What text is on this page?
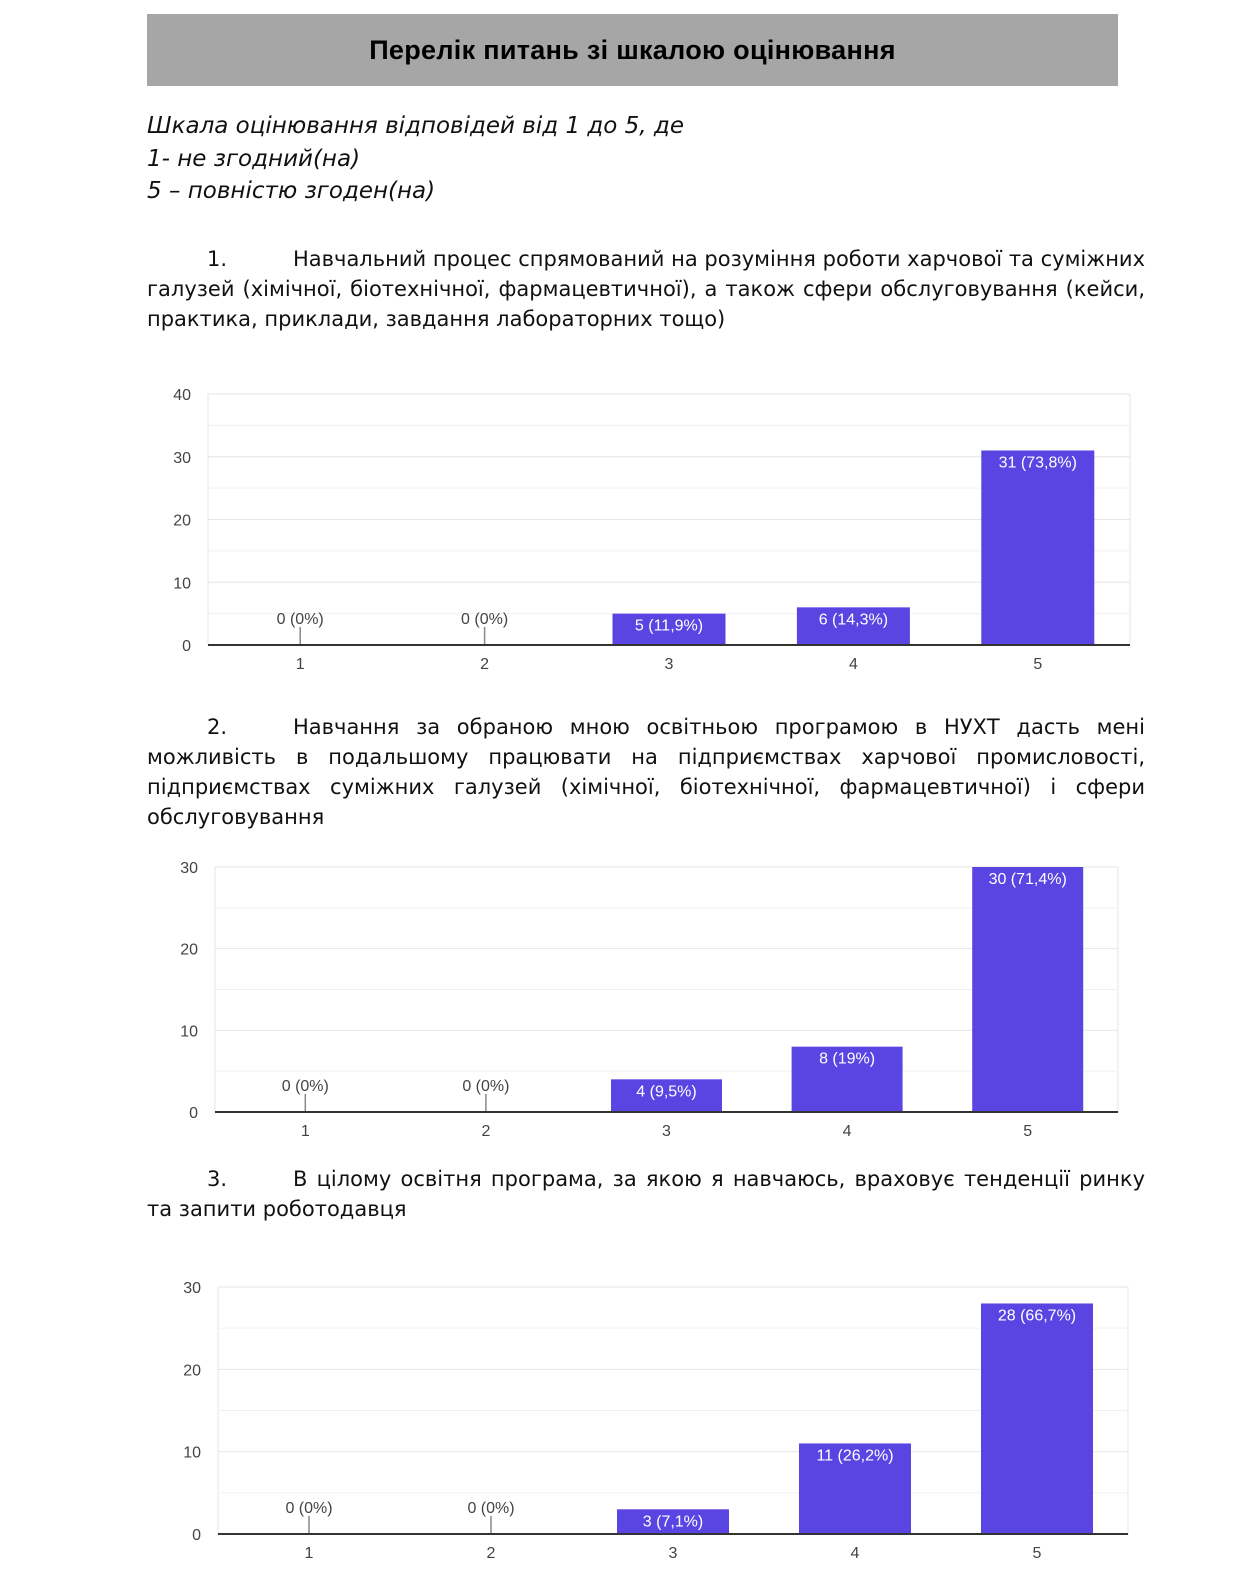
Перелік питань зі шкалою оцінювання
Шкала оцінювання відповідей від 1 до 5, де
1- не згодний(на)
5 – повністю згоден(на)
1.	Навчальний процес спрямований на розуміння роботи харчової та суміжних галузей (хімічної, біотехнічної, фармацевтичної), а також сфери обслуговування (кейси, практика, приклади, завдання лабораторних тощо)
0
10
20
30
40
0 (0%)
1
0 (0%)
2
5 (11,9%)
3
6 (14,3%)
4
31 (73,8%)
5
2.	Навчання за обраною мною освітньою програмою в НУХТ дасть мені можливість в подальшому працювати на підприємствах харчової промисловості, підприємствах суміжних галузей (хімічної, біотехнічної, фармацевтичної) і сфери обслуговування
0
10
20
30
0 (0%)
1
0 (0%)
2
4 (9,5%)
3
8 (19%)
4
30 (71,4%)
5
3.	В цілому освітня програма, за якою я навчаюсь, враховує тенденції ринку та запити роботодавця
0
10
20
30
0 (0%)
1
0 (0%)
2
3 (7,1%)
3
11 (26,2%)
4
28 (66,7%)
5
